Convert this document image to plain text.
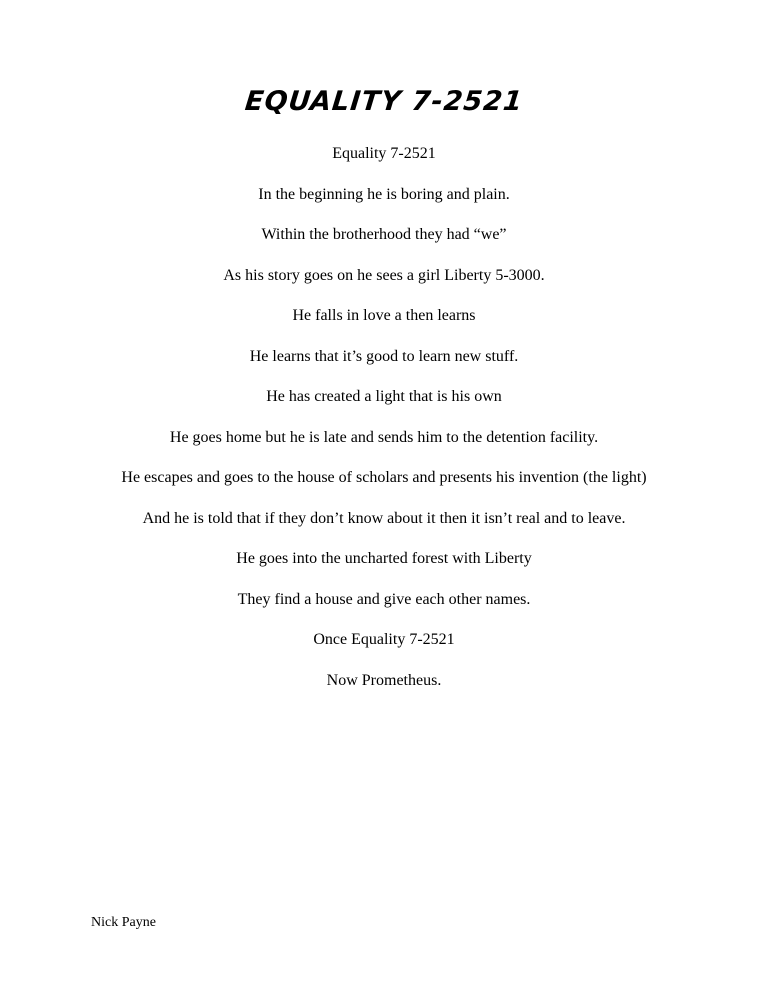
EQUALITY 7-2521
Equality 7-2521
In the beginning he is boring and plain.
Within the brotherhood they had “we”
As his story goes on he sees a girl Liberty 5-3000.
He falls in love a then learns
He learns that it’s good to learn new stuff.
He has created a light that is his own
He goes home but he is late and sends him to the detention facility.
He escapes and goes to the house of scholars and presents his invention (the light)
And he is told that if they don’t know about it then it isn’t real and to leave.
He goes into the uncharted forest with Liberty
They find a house and give each other names.
Once Equality 7-2521
Now Prometheus.
Nick Payne
